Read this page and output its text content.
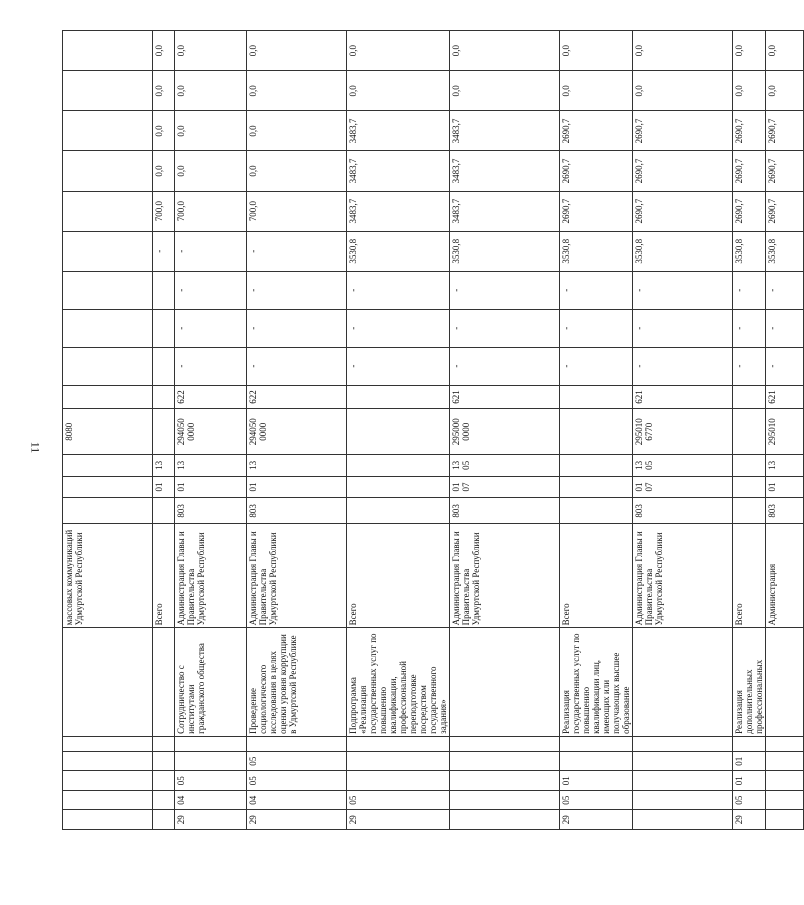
11
						массовых коммуникаций Удмуртской Республики				8080										
						Всего		01	13						-	700,0	0,0	0,0	0,0	0,0
29	04	05			Сотрудничество с институтами гражданского общества	Администрация Главы и Правительства Удмуртской Республики	803	01	13	294050 0000	622	-	-	-	-	700,0	0,0	0,0	0,0	0,0
29	04	05	05		Проведение социологического исследования в целях оценки уровня коррупции в Удмуртской Республике	Администрация Главы и Правительства Удмуртской Республики	803	01	13	294050 0000	622	-	-	-	-	700,0	0,0	0,0	0,0	0,0
29	05				Подпрограмма «Реализация государственных услуг по повышению квалификации, профессиональной переподготовке посредством государственного задания»	Всего						-	-	-	3530,8	3483,7	3483,7	3483,7	0,0	0,0
						Администрация Главы и Правительства Удмуртской Республики	803	01 07	13 05	295000 0000	621	-	-	-	3530,8	3483,7	3483,7	3483,7	0,0	0,0
29	05	01			Реализация государственных услуг по повышению квалификации лиц, имеющих или получающих высшее образование	Всего						-	-	-	3530,8	2690,7	2690,7	2690,7	0,0	0,0
						Администрация Главы и Правительства Удмуртской Республики	803	01 07	13 05	295010 6770	621	-	-	-	3530,8	2690,7	2690,7	2690,7	0,0	0,0
29	05	01	01		Реализация дополнительных профессиональных	Всего						-	-	-	3530,8	2690,7	2690,7	2690,7	0,0	0,0
						Администрация	803	01	13	295010	621	-	-	-	3530,8	2690,7	2690,7	2690,7	0,0	0,0
